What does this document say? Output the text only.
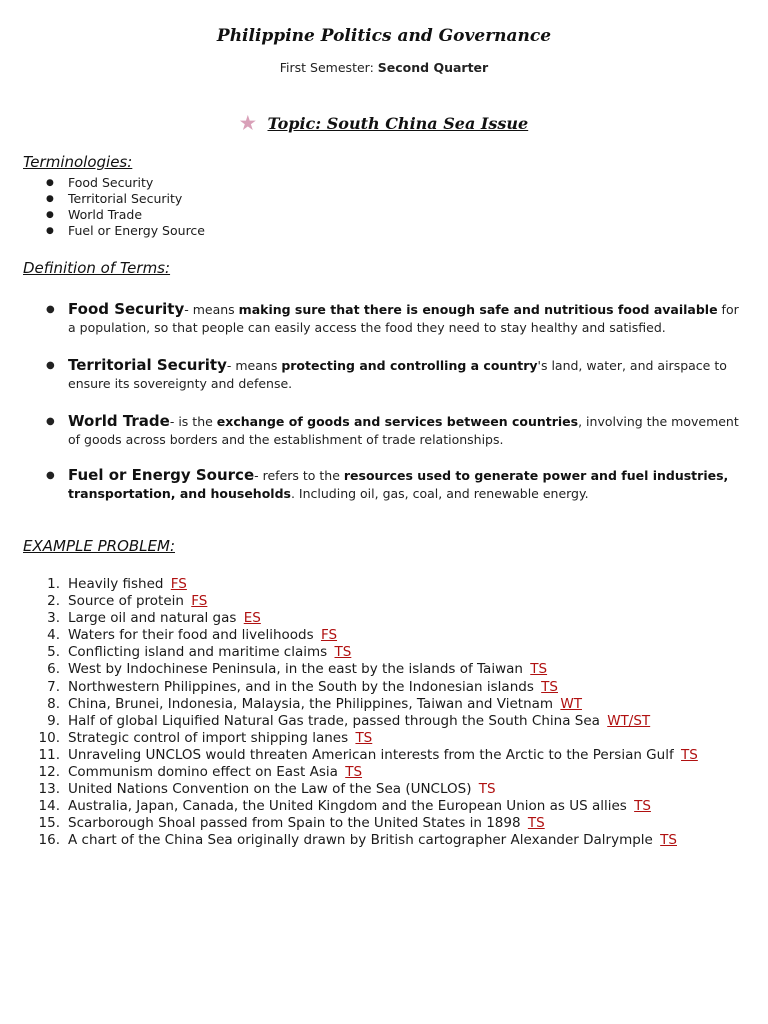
Philippine Politics and Governance
First Semester: Second Quarter
★ Topic: South China Sea Issue
Terminologies:
● Food Security
● Territorial Security
● World Trade
● Fuel or Energy Source
Definition of Terms:
● Food Security- means making sure that there is enough safe and nutritious food available for a population, so that people can easily access the food they need to stay healthy and satisfied.
● Territorial Security- means protecting and controlling a country's land, water, and airspace to ensure its sovereignty and defense.
● World Trade- is the exchange of goods and services between countries, involving the movement of goods across borders and the establishment of trade relationships.
● Fuel or Energy Source- refers to the resources used to generate power and fuel industries, transportation, and households. Including oil, gas, coal, and renewable energy.
EXAMPLE PROBLEM:
1. Heavily fished FS
2. Source of protein FS
3. Large oil and natural gas ES
4. Waters for their food and livelihoods FS
5. Conflicting island and maritime claims TS
6. West by Indochinese Peninsula, in the east by the islands of Taiwan TS
7. Northwestern Philippines, and in the South by the Indonesian islands TS
8. China, Brunei, Indonesia, Malaysia, the Philippines, Taiwan and Vietnam WT
9. Half of global Liquified Natural Gas trade, passed through the South China Sea WT/ST
10. Strategic control of import shipping lanes TS
11. Unraveling UNCLOS would threaten American interests from the Arctic to the Persian Gulf TS
12. Communism domino effect on East Asia TS
13. United Nations Convention on the Law of the Sea (UNCLOS) TS
14. Australia, Japan, Canada, the United Kingdom and the European Union as US allies TS
15. Scarborough Shoal passed from Spain to the United States in 1898 TS
16. A chart of the China Sea originally drawn by British cartographer Alexander Dalrymple TS
